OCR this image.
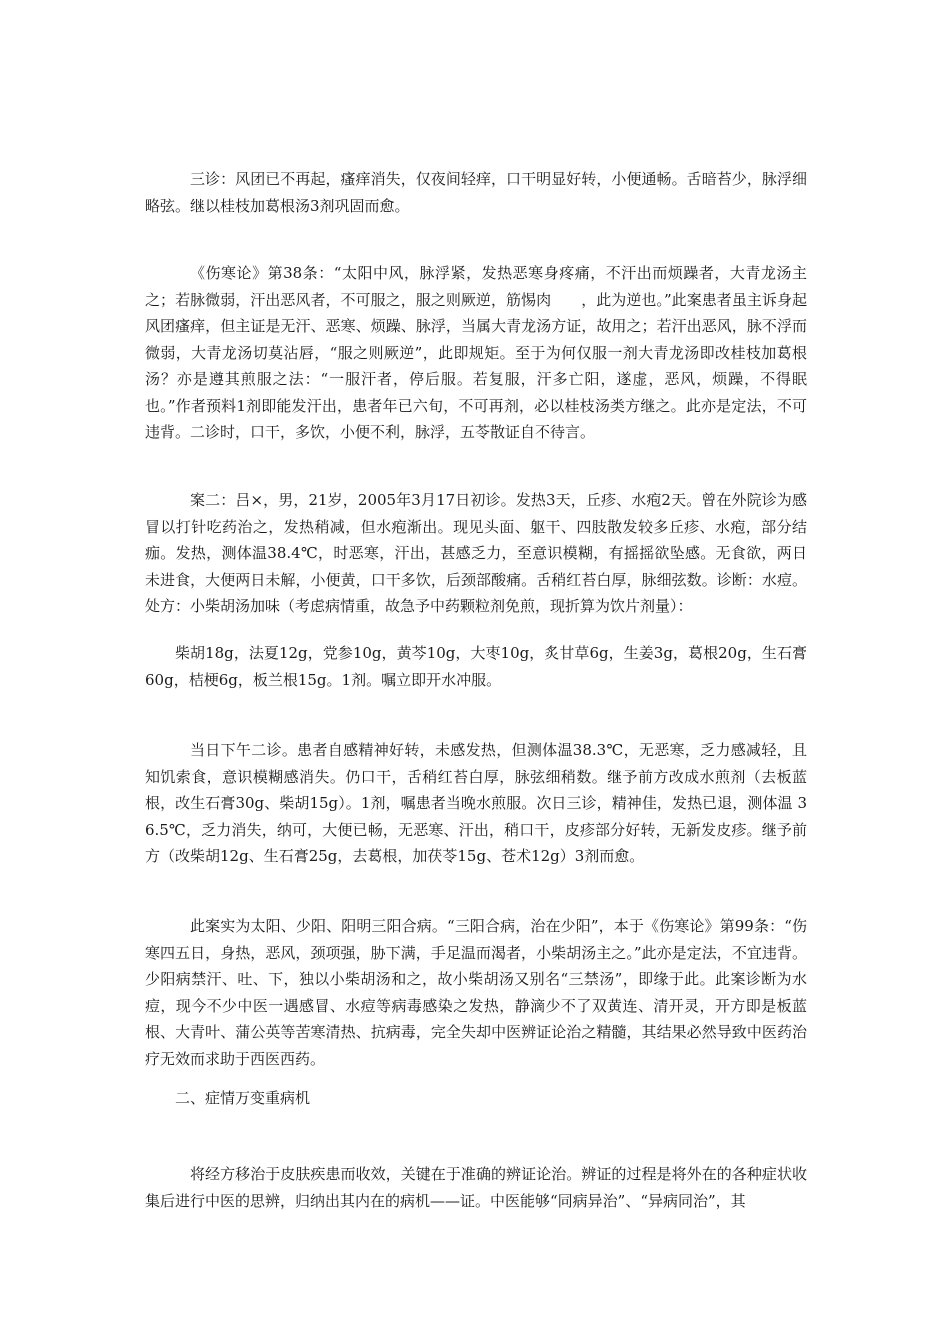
三诊：风团已不再起，瘙痒消失，仅夜间轻痒，口干明显好转，小便通畅。舌暗苔少，脉浮细略弦。继以桂枝加葛根汤3剂巩固而愈。

《伤寒论》第38条：“太阳中风，脉浮紧，发热恶寒身疼痛，不汗出而烦躁者，大青龙汤主之；若脉微弱，汗出恶风者，不可服之，服之则厥逆，筋惕肉　　，此为逆也。”此案患者虽主诉身起风团瘙痒，但主证是无汗、恶寒、烦躁、脉浮，当属大青龙汤方证，故用之；若汗出恶风，脉不浮而微弱，大青龙汤切莫沾唇，“服之则厥逆”，此即规矩。至于为何仅服一剂大青龙汤即改桂枝加葛根汤？亦是遵其煎服之法：“一服汗者，停后服。若复服，汗多亡阳，遂虚，恶风，烦躁，不得眠也。”作者预料1剂即能发汗出，患者年已六旬，不可再剂，必以桂枝汤类方继之。此亦是定法，不可违背。二诊时，口干，多饮，小便不利，脉浮，五苓散证自不待言。

案二：吕×，男，21岁，2005年3月17日初诊。发热3天，丘疹、水疱2天。曾在外院诊为感冒以打针吃药治之，发热稍减，但水疱渐出。现见头面、躯干、四肢散发较多丘疹、水疱，部分结痂。发热，测体温38.4℃，时恶寒，汗出，甚感乏力，至意识模糊，有摇摇欲坠感。无食欲，两日未进食，大便两日未解，小便黄，口干多饮，后颈部酸痛。舌稍红苔白厚，脉细弦数。诊断：水痘。处方：小柴胡汤加味（考虑病情重，故急予中药颗粒剂免煎，现折算为饮片剂量）：

柴胡18g，法夏12g，党参10g，黄芩10g，大枣10g，炙甘草6g，生姜3g，葛根20g，生石膏60g，桔梗6g，板兰根15g。1剂。嘱立即开水冲服。

当日下午二诊。患者自感精神好转，未感发热，但测体温38.3℃，无恶寒，乏力感减轻，且知饥索食，意识模糊感消失。仍口干，舌稍红苔白厚，脉弦细稍数。继予前方改成水煎剂（去板蓝根，改生石膏30g、柴胡15g）。1剂，嘱患者当晚水煎服。次日三诊，精神佳，发热已退，测体温 36.5℃，乏力消失，纳可，大便已畅，无恶寒、汗出，稍口干，皮疹部分好转，无新发皮疹。继予前方（改柴胡12g、生石膏25g，去葛根，加茯苓15g、苍术12g）3剂而愈。

此案实为太阳、少阳、阳明三阳合病。“三阳合病，治在少阳”，本于《伤寒论》第99条：“伤寒四五日，身热，恶风，颈项强，胁下满，手足温而渴者，小柴胡汤主之。”此亦是定法，不宜违背。少阳病禁汗、吐、下，独以小柴胡汤和之，故小柴胡汤又别名“三禁汤”，即缘于此。此案诊断为水痘，现今不少中医一遇感冒、水痘等病毒感染之发热，静滴少不了双黄连、清开灵，开方即是板蓝根、大青叶、蒲公英等苦寒清热、抗病毒，完全失却中医辨证论治之精髓，其结果必然导致中医药治疗无效而求助于西医西药。

二、症情万变重病机

将经方移治于皮肤疾患而收效，关键在于准确的辨证论治。辨证的过程是将外在的各种症状收集后进行中医的思辨，归纳出其内在的病机——证。中医能够“同病异治”、“异病同治”，其
